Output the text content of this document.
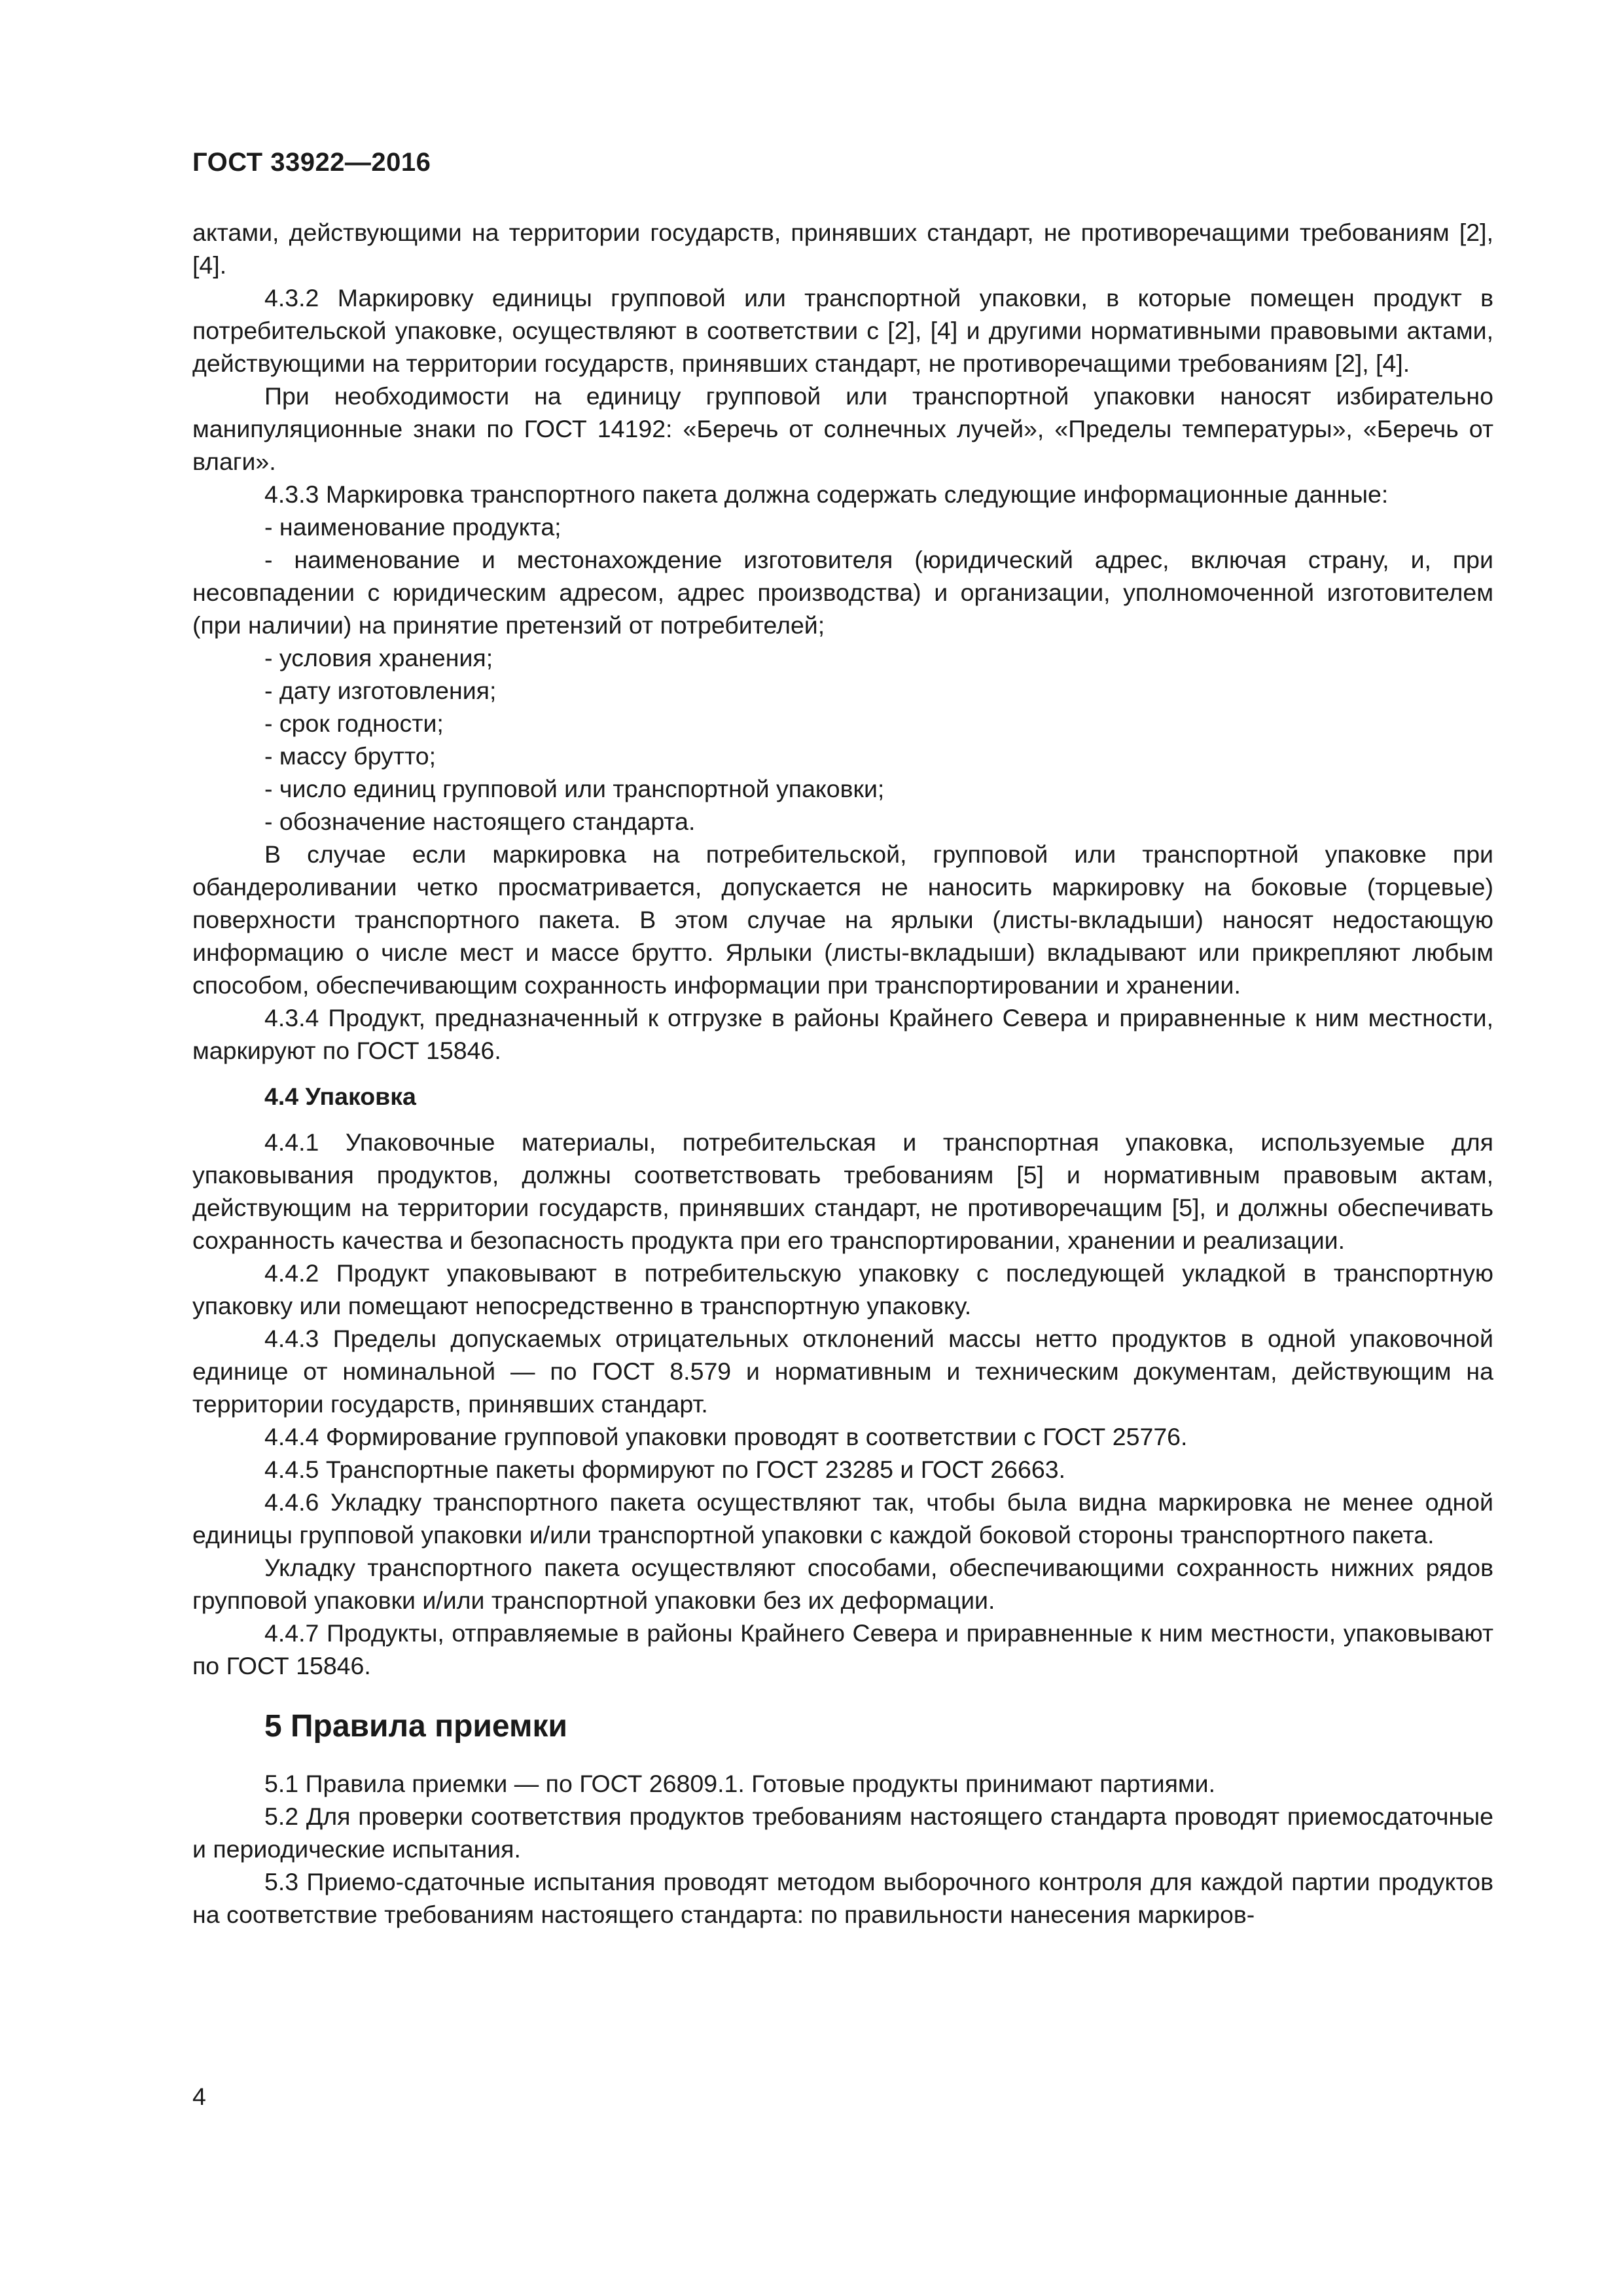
ГОСТ 33922—2016

актами, действующими на территории государств, принявших стандарт, не противоречащими требованиям [2], [4].

4.3.2 Маркировку единицы групповой или транспортной упаковки, в которые помещен продукт в потребительской упаковке, осуществляют в соответствии с [2], [4] и другими нормативными правовыми актами, действующими на территории государств, принявших стандарт, не противоречащими требованиям [2], [4].

При необходимости на единицу групповой или транспортной упаковки наносят избирательно манипуляционные знаки по ГОСТ 14192: «Беречь от солнечных лучей», «Пределы температуры», «Беречь от влаги».

4.3.3 Маркировка транспортного пакета должна содержать следующие информационные данные:

- наименование продукта;

- наименование и местонахождение изготовителя (юридический адрес, включая страну, и, при несовпадении с юридическим адресом, адрес производства) и организации, уполномоченной изготовителем (при наличии) на принятие претензий от потребителей;

- условия хранения;

- дату изготовления;

- срок годности;

- массу брутто;

- число единиц групповой или транспортной упаковки;

- обозначение настоящего стандарта.

В случае если маркировка на потребительской, групповой или транспортной упаковке при обандероливании четко просматривается, допускается не наносить маркировку на боковые (торцевые) поверхности транспортного пакета. В этом случае на ярлыки (листы-вкладыши) наносят недостающую информацию о числе мест и массе брутто. Ярлыки (листы-вкладыши) вкладывают или прикрепляют любым способом, обеспечивающим сохранность информации при транспортировании и хранении.

4.3.4 Продукт, предназначенный к отгрузке в районы Крайнего Севера и приравненные к ним местности, маркируют по ГОСТ 15846.

4.4 Упаковка

4.4.1 Упаковочные материалы, потребительская и транспортная упаковка, используемые для упаковывания продуктов, должны соответствовать требованиям [5] и нормативным правовым актам, действующим на территории государств, принявших стандарт, не противоречащим [5], и должны обеспечивать сохранность качества и безопасность продукта при его транспортировании, хранении и реализации.

4.4.2 Продукт упаковывают в потребительскую упаковку с последующей укладкой в транспортную упаковку или помещают непосредственно в транспортную упаковку.

4.4.3 Пределы допускаемых отрицательных отклонений массы нетто продуктов в одной упаковочной единице от номинальной — по ГОСТ 8.579 и нормативным и техническим документам, действующим на территории государств, принявших стандарт.

4.4.4 Формирование групповой упаковки проводят в соответствии с ГОСТ 25776.

4.4.5 Транспортные пакеты формируют по ГОСТ 23285 и ГОСТ 26663.

4.4.6 Укладку транспортного пакета осуществляют так, чтобы была видна маркировка не менее одной единицы групповой упаковки и/или транспортной упаковки с каждой боковой стороны транспортного пакета.

Укладку транспортного пакета осуществляют способами, обеспечивающими сохранность нижних рядов групповой упаковки и/или транспортной упаковки без их деформации.

4.4.7 Продукты, отправляемые в районы Крайнего Севера и приравненные к ним местности, упаковывают по ГОСТ 15846.

5 Правила приемки

5.1 Правила приемки — по ГОСТ 26809.1. Готовые продукты принимают партиями.

5.2 Для проверки соответствия продуктов требованиям настоящего стандарта проводят приемосдаточные и периодические испытания.

5.3 Приемо-сдаточные испытания проводят методом выборочного контроля для каждой партии продуктов на соответствие требованиям настоящего стандарта: по правильности нанесения маркиров-

4
